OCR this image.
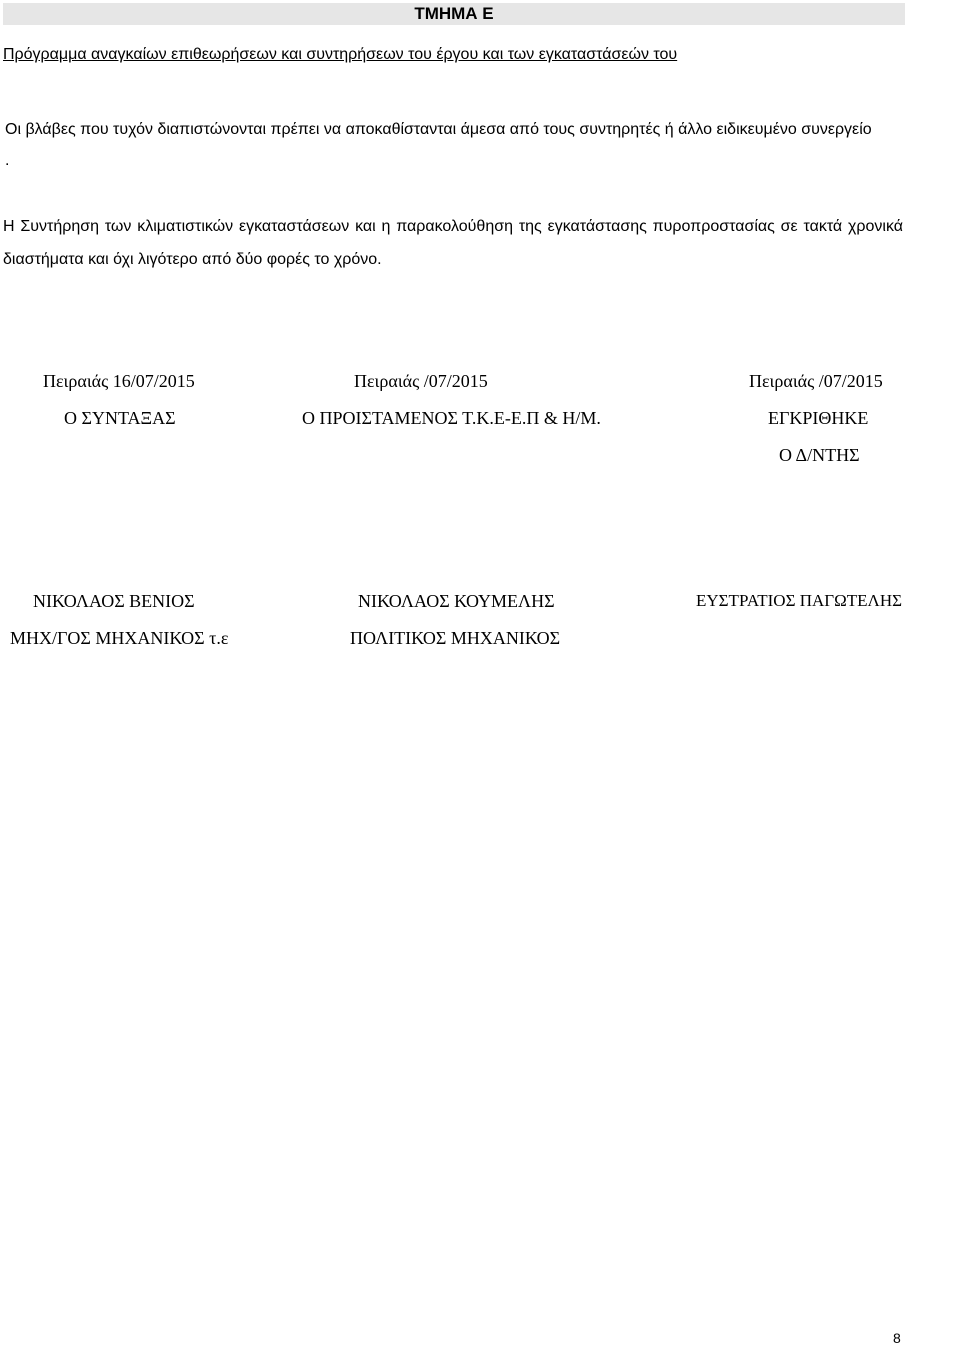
ΤΜΗΜΑ Ε
Πρόγραμμα αναγκαίων επιθεωρήσεων και συντηρήσεων του έργου και των εγκαταστάσεών του

Οι βλάβες που τυχόν διαπιστώνονται πρέπει να αποκαθίστανται άμεσα από τους συντηρητές ή άλλο ειδικευμένο συνεργείο .

Η Συντήρηση των κλιματιστικών εγκαταστάσεων και η παρακολούθηση της εγκατάστασης πυροπροστασίας σε τακτά χρονικά διαστήματα και όχι λιγότερο από δύο φορές το χρόνο.

Πειραιάς 16/07/2015
Ο ΣΥΝΤΑΞΑΣ
ΝΙΚΟΛΑΟΣ ΒΕΝΙΟΣ
ΜΗΧ/ΓΟΣ ΜΗΧΑΝΙΚΟΣ τ.ε
Πειραιάς /07/2015
Ο ΠΡΟΙΣΤΑΜΕΝΟΣ Τ.Κ.Ε-Ε.Π & Η/Μ.
ΝΙΚΟΛΑΟΣ ΚΟΥΜΕΛΗΣ
ΠΟΛΙΤΙΚΟΣ ΜΗΧΑΝΙΚΟΣ
Πειραιάς /07/2015
ΕΓΚΡΙΘΗΚΕ
Ο Δ/ΝΤΗΣ
ΕΥΣΤΡΑΤΙΟΣ ΠΑΓΩΤΕΛΗΣ
8
